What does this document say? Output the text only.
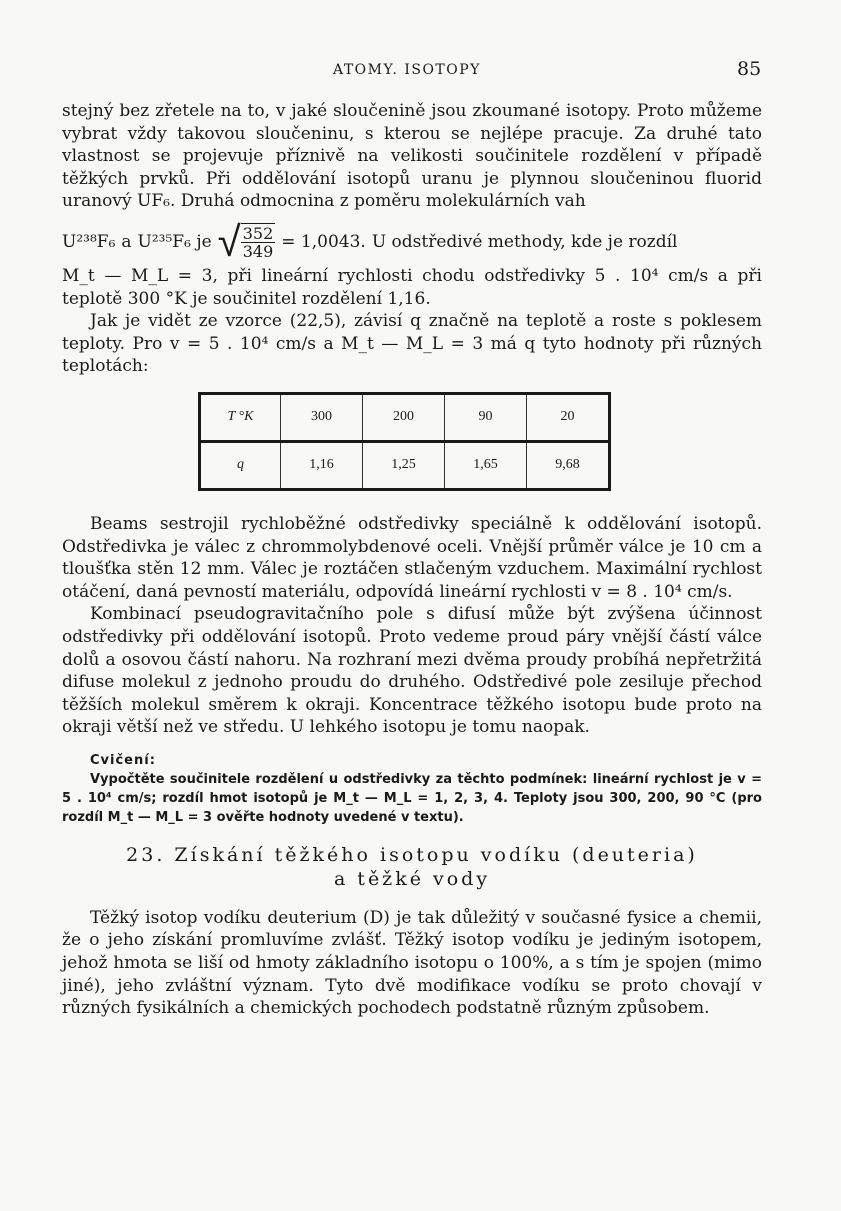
ATOMY. ISOTOPY	85

stejný bez zřetele na to, v jaké sloučenině jsou zkoumané isotopy. Proto můžeme vybrat vždy takovou sloučeninu, s kterou se nejlépe pracuje. Za druhé tato vlastnost se projevuje příznivě na velikosti součinitele rozdělení v případě těžkých prvků. Při oddělování isotopů uranu je plynnou sloučeninou fluorid uranový UF₆. Druhá odmocnina z poměru molekulárních vah

U²³⁸F₆ a U²³⁵F₆ je √ $\frac{352}{349} = 1,0043$. U odstředivé methody, kde je rozdíl

M_t — M_L = 3, při lineární rychlosti chodu odstředivky 5 . 10⁴ cm/s a při teplotě 300 °K je součinitel rozdělení 1,16.

Jak je vidět ze vzorce (22,5), závisí q značně na teplotě a roste s poklesem teploty. Pro v = 5 . 10⁴ cm/s a M_t — M_L = 3 má q tyto hodnoty při různých teplotách:

T °K	300	200	90	20
q	1,16	1,25	1,65	9,68

Beams sestrojil rychloběžné odstředivky speciálně k oddělování isotopů. Odstředivka je válec z chrommolybdenové oceli. Vnější průměr válce je 10 cm a tloušťka stěn 12 mm. Válec je roztáčen stlačeným vzduchem. Maximální rychlost otáčení, daná pevností materiálu, odpovídá lineární rychlosti v = 8 . 10⁴ cm/s.

Kombinací pseudogravitačního pole s difusí může být zvýšena účinnost odstředivky při oddělování isotopů. Proto vedeme proud páry vnější částí válce dolů a osovou částí nahoru. Na rozhraní mezi dvěma proudy probíhá nepřetržitá difuse molekul z jednoho proudu do druhého. Odstředivé pole zesiluje přechod těžších molekul směrem k okraji. Koncentrace těžkého isotopu bude proto na okraji větší než ve středu. U lehkého isotopu je tomu naopak.

Cvičení:
Vypočtěte součinitele rozdělení u odstředivky za těchto podmínek: lineární rychlost je v = 5 . 10⁴ cm/s; rozdíl hmot isotopů je M_t — M_L = 1, 2, 3, 4. Teploty jsou 300, 200, 90 °C (pro rozdíl M_t — M_L = 3 ověřte hodnoty uvedené v textu).
23. Získání těžkého isotopu vodíku (deuteria)
a těžké vody

Těžký isotop vodíku deuterium (D) je tak důležitý v současné fysice a chemii, že o jeho získání promluvíme zvlášť. Těžký isotop vodíku je jediným isotopem, jehož hmota se liší od hmoty základního isotopu o 100%, a s tím je spojen (mimo jiné), jeho zvláštní význam. Tyto dvě modifikace vodíku se proto chovají v různých fysikálních a chemických pochodech podstatně různým způsobem.
